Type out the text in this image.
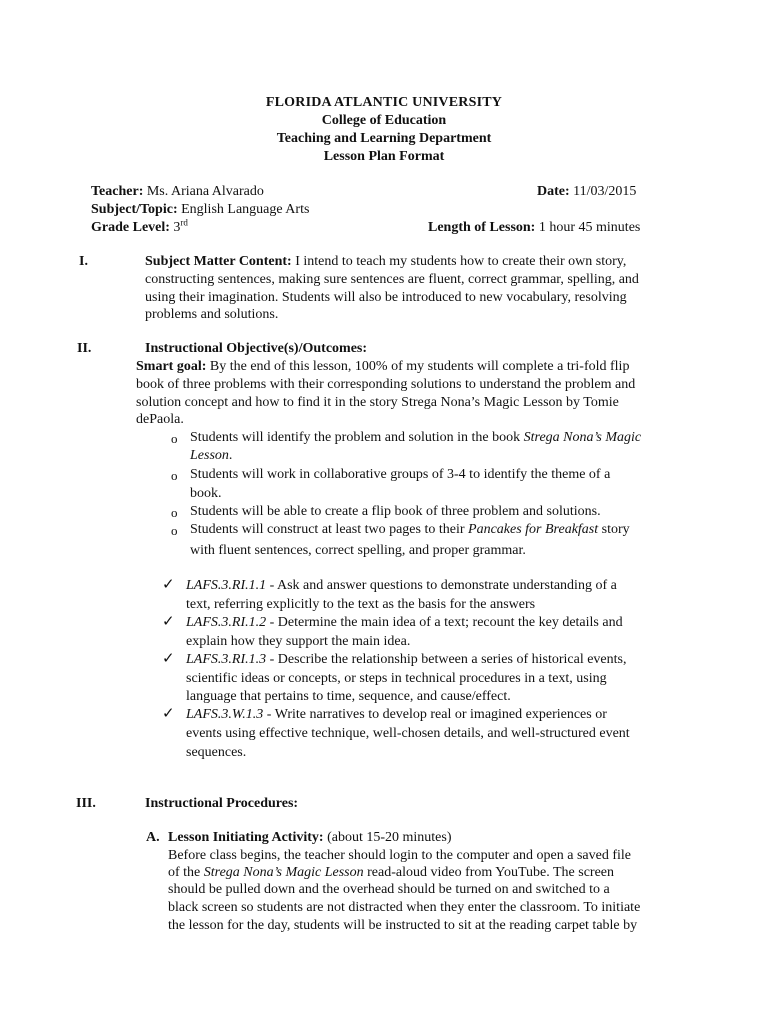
FLORIDA ATLANTIC UNIVERSITY
College of Education
Teaching and Learning Department
Lesson Plan Format
Teacher: Ms. Ariana Alvarado	Date: 11/03/2015
Subject/Topic: English Language Arts
Grade Level: 3rd	Length of Lesson: 1 hour 45 minutes
I.	Subject Matter Content: I intend to teach my students how to create their own story,
constructing sentences, making sure sentences are fluent, correct grammar, spelling, and
using their imagination. Students will also be introduced to new vocabulary, resolving
problems and solutions.
II.	Instructional Objective(s)/Outcomes:
Smart goal: By the end of this lesson, 100% of my students will complete a tri-fold flip
book of three problems with their corresponding solutions to understand the problem and
solution concept and how to find it in the story Strega Nona’s Magic Lesson by Tomie
dePaola.
o Students will identify the problem and solution in the book Strega Nona’s Magic
Lesson.
o Students will work in collaborative groups of 3-4 to identify the theme of a
book.
o Students will be able to create a flip book of three problem and solutions.
o Students will construct at least two pages to their Pancakes for Breakfast story
with fluent sentences, correct spelling, and proper grammar.
✓ LAFS.3.RI.1.1 - Ask and answer questions to demonstrate understanding of a
text, referring explicitly to the text as the basis for the answers
✓ LAFS.3.RI.1.2 - Determine the main idea of a text; recount the key details and
explain how they support the main idea.
✓ LAFS.3.RI.1.3 - Describe the relationship between a series of historical events,
scientific ideas or concepts, or steps in technical procedures in a text, using
language that pertains to time, sequence, and cause/effect.
✓ LAFS.3.W.1.3 - Write narratives to develop real or imagined experiences or
events using effective technique, well-chosen details, and well-structured event
sequences.
III.	Instructional Procedures:
A. Lesson Initiating Activity: (about 15-20 minutes)
Before class begins, the teacher should login to the computer and open a saved file
of the Strega Nona’s Magic Lesson read-aloud video from YouTube. The screen
should be pulled down and the overhead should be turned on and switched to a
black screen so students are not distracted when they enter the classroom. To initiate
the lesson for the day, students will be instructed to sit at the reading carpet table by
